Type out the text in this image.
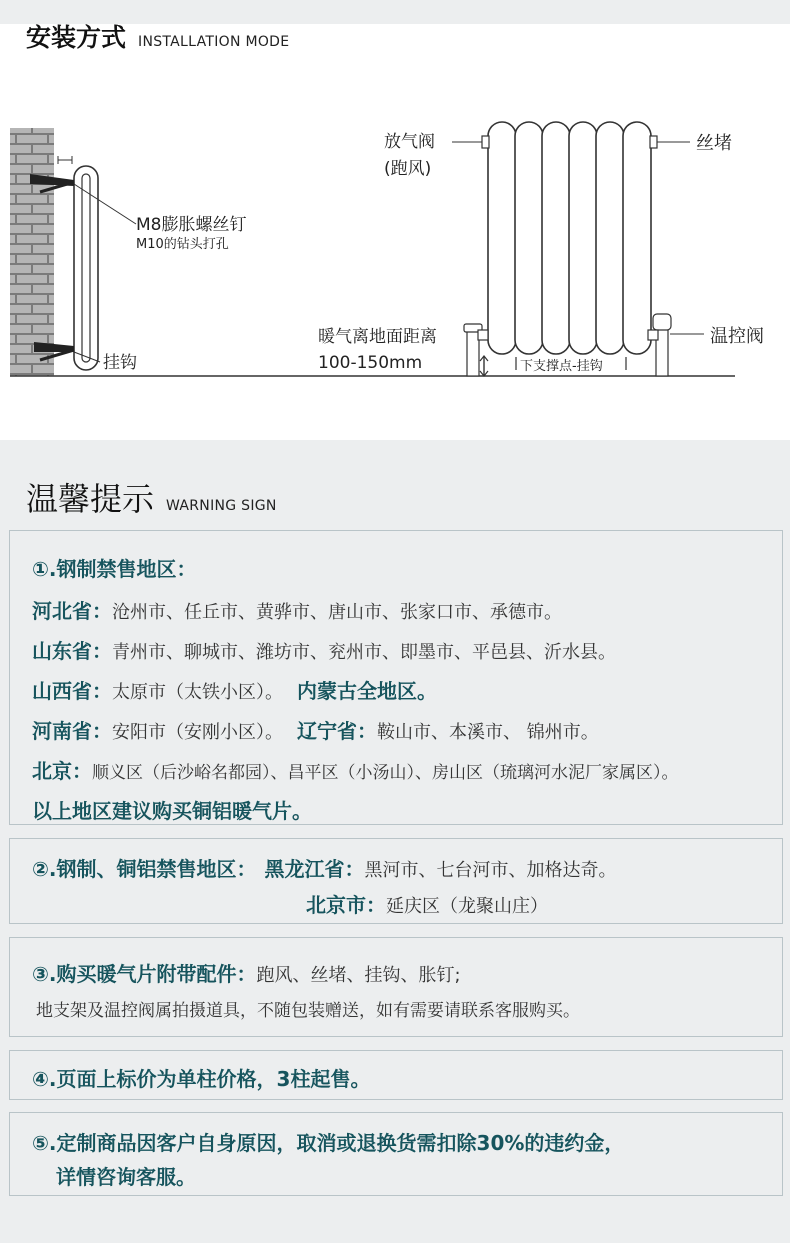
安装方式 INSTALLATION MODE
M8膨胀螺丝钉
M10的钻头打孔
挂钩
放气阀
(跑风)
丝堵
温控阀
暖气离地面距离
100-150mm	下支撑点-挂钩
温馨提示 WARNING SIGN
①.钢制禁售地区：
河北省：沧州市、任丘市、黄骅市、唐山市、张家口市、承德市。
山东省：青州市、聊城市、潍坊市、兖州市、即墨市、平邑县、沂水县。
山西省：太原市（太铁小区）。 内蒙古全地区。
河南省：安阳市（安刚小区）。 辽宁省：鞍山市、本溪市、 锦州市。
北京：顺义区（后沙峪名都园）、昌平区（小汤山）、房山区（琉璃河水泥厂家属区）。
以上地区建议购买铜铝暖气片。
②.钢制、铜铝禁售地区： 黑龙江省：黑河市、七台河市、加格达奇。
北京市：延庆区（龙聚山庄）
③.购买暖气片附带配件：跑风、丝堵、挂钩、胀钉;
地支架及温控阀属拍摄道具，不随包装赠送，如有需要请联系客服购买。
④.页面上标价为单柱价格，3柱起售。
⑤.定制商品因客户自身原因，取消或退换货需扣除30%的违约金，
详情咨询客服。
